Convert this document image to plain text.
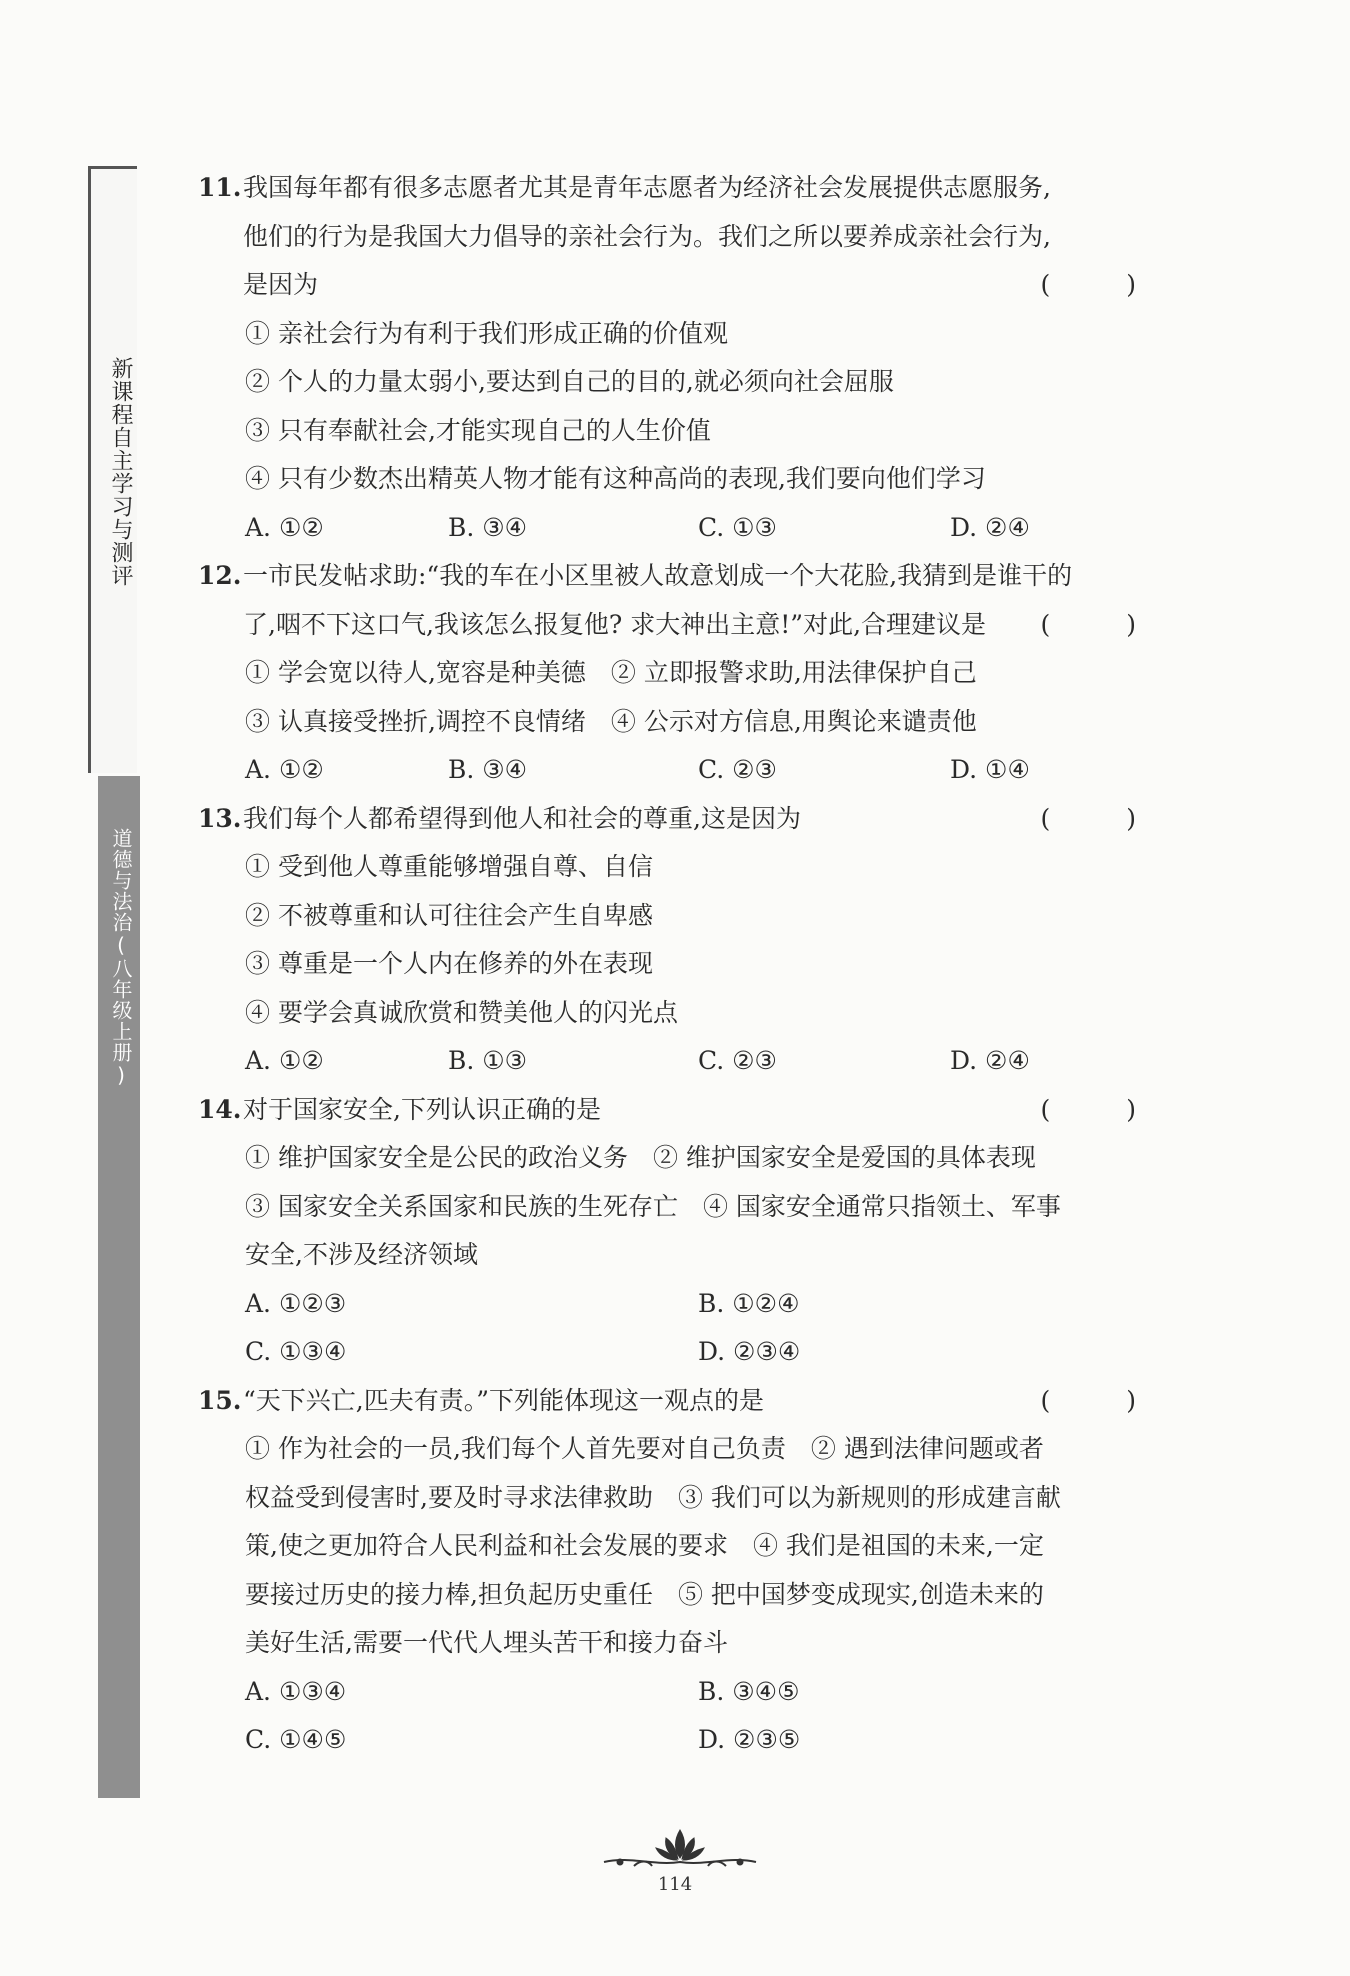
新课程自主学习与测评
道德与法治(八年级上册)
11. 我国每年都有很多志愿者尤其是青年志愿者为经济社会发展提供志愿服务,
他们的行为是我国大力倡导的亲社会行为。我们之所以要养成亲社会行为,
是因为	( )
① 亲社会行为有利于我们形成正确的价值观
② 个人的力量太弱小,要达到自己的目的,就必须向社会屈服
③ 只有奉献社会,才能实现自己的人生价值
④ 只有少数杰出精英人物才能有这种高尚的表现,我们要向他们学习
A. ①②	B. ③④	C. ①③	D. ②④
12. 一市民发帖求助:“我的车在小区里被人故意划成一个大花脸,我猜到是谁干的
了,咽不下这口气,我该怎么报复他? 求大神出主意!”对此,合理建议是 ( )
① 学会宽以待人,宽容是种美德　② 立即报警求助,用法律保护自己
③ 认真接受挫折,调控不良情绪　④ 公示对方信息,用舆论来谴责他
A. ①②	B. ③④	C. ②③	D. ①④
13. 我们每个人都希望得到他人和社会的尊重,这是因为	( )
① 受到他人尊重能够增强自尊、自信
② 不被尊重和认可往往会产生自卑感
③ 尊重是一个人内在修养的外在表现
④ 要学会真诚欣赏和赞美他人的闪光点
A. ①②	B. ①③	C. ②③	D. ②④
14. 对于国家安全,下列认识正确的是	( )
① 维护国家安全是公民的政治义务　② 维护国家安全是爱国的具体表现
③ 国家安全关系国家和民族的生死存亡　④ 国家安全通常只指领土、军事
安全,不涉及经济领域
A. ①②③	B. ①②④
C. ①③④	D. ②③④
15. “天下兴亡,匹夫有责。”下列能体现这一观点的是	( )
① 作为社会的一员,我们每个人首先要对自己负责　② 遇到法律问题或者
权益受到侵害时,要及时寻求法律救助　③ 我们可以为新规则的形成建言献
策,使之更加符合人民利益和社会发展的要求　④ 我们是祖国的未来,一定
要接过历史的接力棒,担负起历史重任　⑤ 把中国梦变成现实,创造未来的
美好生活,需要一代代人埋头苦干和接力奋斗
A. ①③④	B. ③④⑤
C. ①④⑤	D. ②③⑤
114
